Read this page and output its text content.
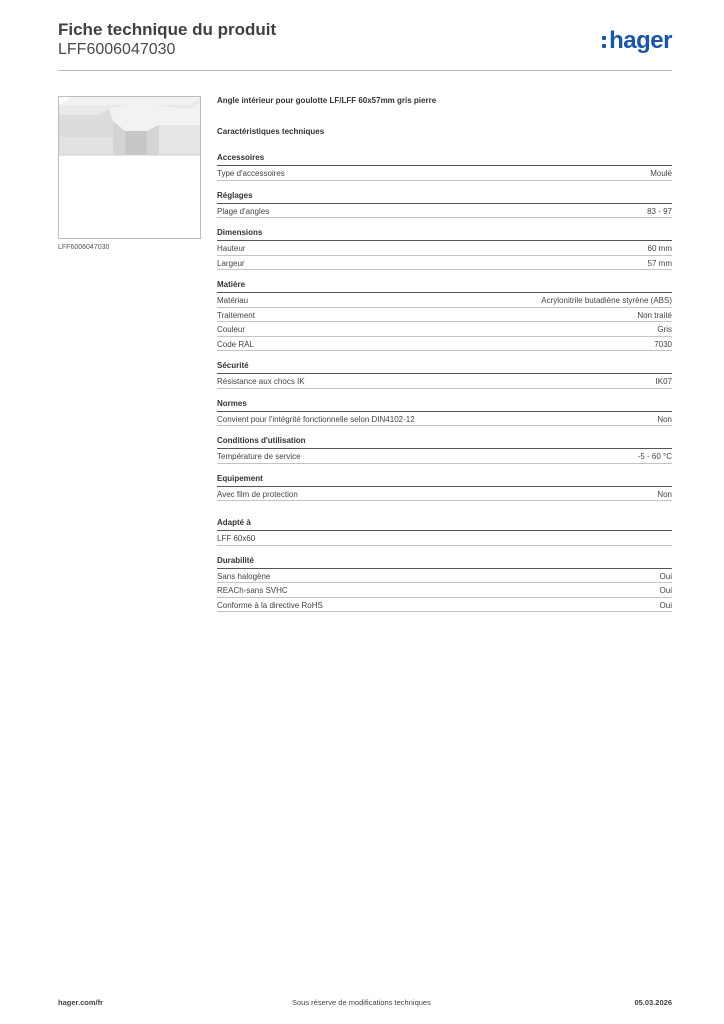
Fiche technique du produit
LFF6006047030	hager
LFF6006047030
Angle intérieur pour goulotte LF/LFF 60x57mm gris pierre
Caractéristiques techniques
Accessoires
Type d'accessoires	Moulé
Réglages
Plage d'angles	83 - 97
Dimensions
Hauteur	60 mm
Largeur	57 mm
Matière
Matériau	Acrylonitrile butadiène styrène (ABS)
Traitement	Non traité
Couleur	Gris
Code RAL	7030
Sécurité
Résistance aux chocs IK	IK07
Normes
Convient pour l'intégrité fonctionnelle selon DIN4102-12	Non
Conditions d'utilisation
Température de service	-5 - 60 °C
Equipement
Avec film de protection	Non
Adapté à
LFF 60x60
Durabilité
Sans halogène	Oui
REACh-sans SVHC	Oui
Conforme à la directive RoHS	Oui
hager.com/fr	Sous réserve de modifications techniques	05.03.2026
